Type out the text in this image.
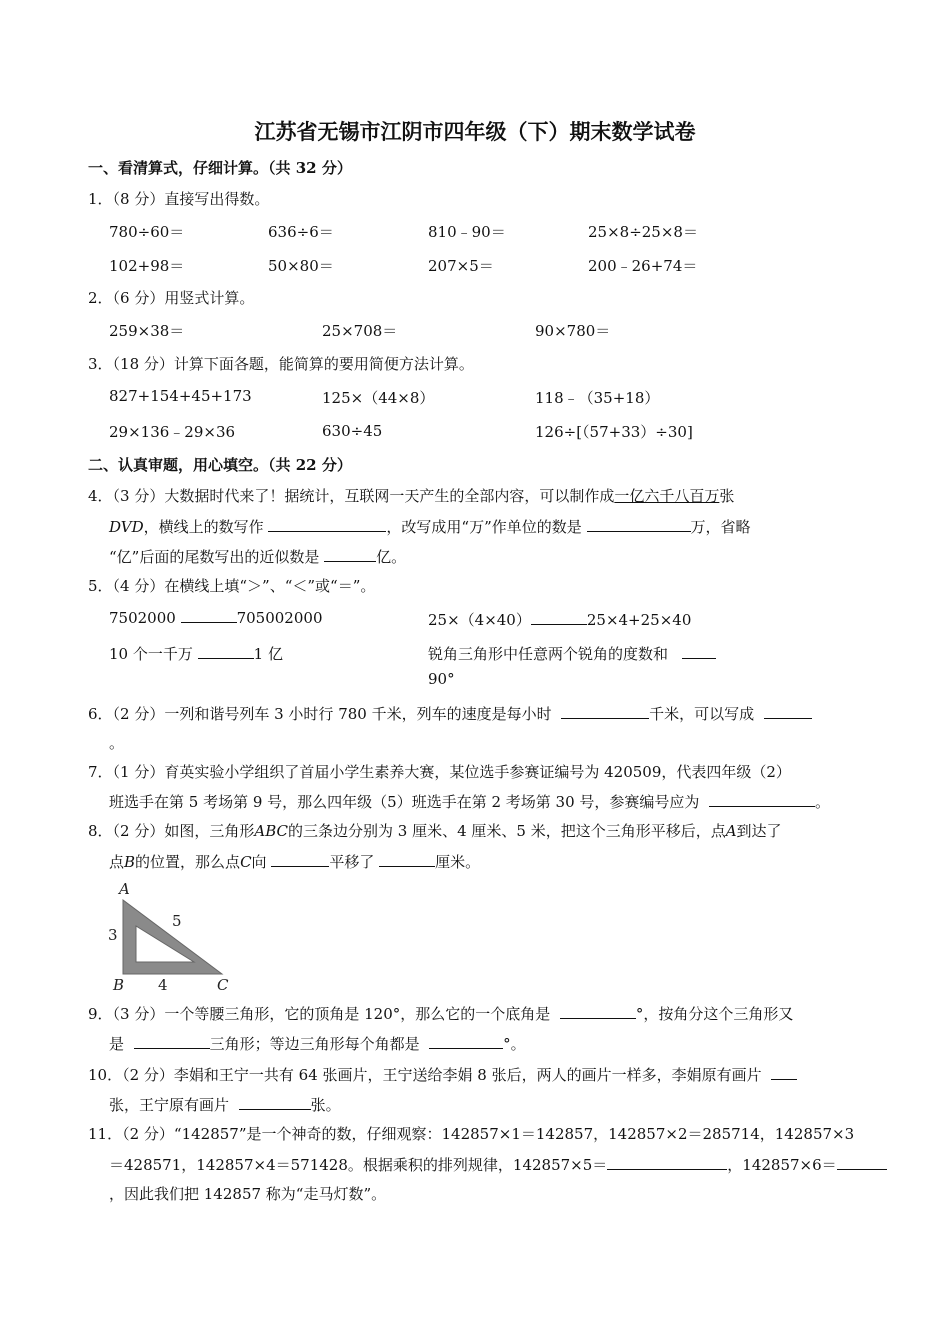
江苏省无锡市江阴市四年级（下）期末数学试卷
一、看清算式，仔细计算。（共 32 分）
1．（8 分）直接写出得数。
780÷60＝	636÷6＝	810﹣90＝	25×8÷25×8＝
102+98＝	50×80＝	207×5＝	200﹣26+74＝
2．（6 分）用竖式计算。
259×38＝	25×708＝	90×780＝
3．（18 分）计算下面各题，能简算的要用简便方法计算。
827+154+45+173	125×（44×8）	118﹣（35+18）
29×136﹣29×36	630÷45	126÷[（57+33）÷30]
二、认真审题，用心填空。（共 22 分）
4．（3 分）大数据时代来了！据统计，互联网一天产生的全部内容，可以制作成一亿六千八百万张
DVD，横线上的数写作	，改写成用“万”作单位的数是	万，省略
“亿”后面的尾数写出的近似数是	亿。
5．（4 分）在横线上填“＞”、“＜”或“＝”。
7502000	705002000	25×（4×40）	25×4+25×40
10 个一千万	1 亿	锐角三角形中任意两个锐角的度数和
90°
6．（2 分）一列和谐号列车 3 小时行 780 千米，列车的速度是每小时	千米，可以写成
。
7．（1 分）育英实验小学组织了首届小学生素养大赛，某位选手参赛证编号为 420509，代表四年级（2）
班选手在第 5 考场第 9 号，那么四年级（5）班选手在第 2 考场第 30 号，参赛编号应为	。
8．（2 分）如图，三角形ABC的三条边分别为 3 厘米、4 厘米、5 米，把这个三角形平移后，点A到达了
点B的位置，那么点C向	平移了	厘米。
A
B	C
3
5
4
9．（3 分）一个等腰三角形，它的顶角是 120°，那么它的一个底角是	°，按角分这个三角形又
是	三角形；等边三角形每个角都是	°。
10．（2 分）李娟和王宁一共有 64 张画片，王宁送给李娟 8 张后，两人的画片一样多，李娟原有画片
张，王宁原有画片	张。
11．（2 分）“142857”是一个神奇的数，仔细观察：142857×1＝142857，142857×2＝285714，142857×3
＝428571，142857×4＝571428。根据乘积的排列规律，142857×5＝	，142857×6＝
，因此我们把 142857 称为“走马灯数”。
